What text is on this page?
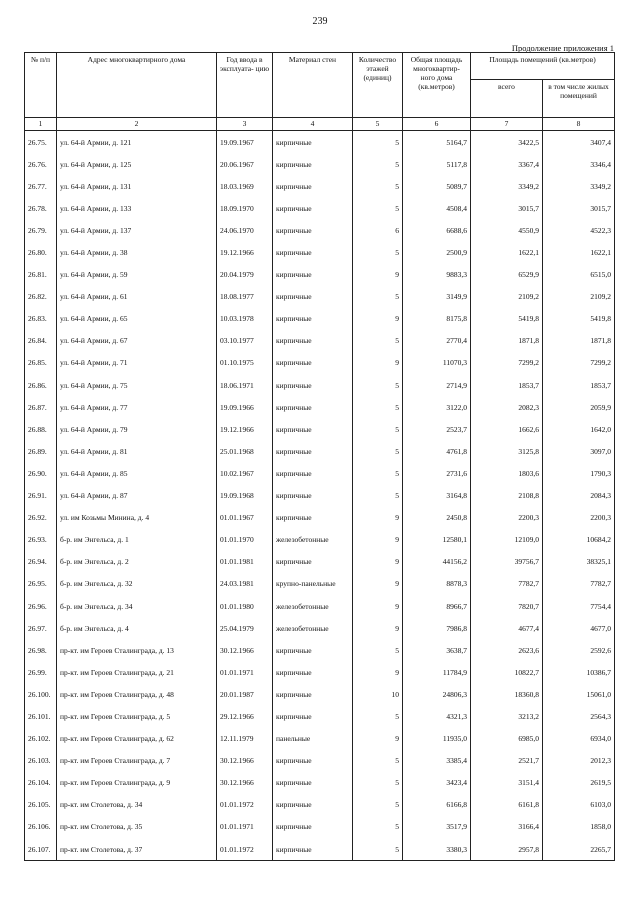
239
Продолжение приложения 1
№ п/п	Адрес многоквартирного дома	Год ввода в эксплуата- цию	Материал стен	Количество этажей (единиц)	Общая площадь многоквартир- ного дома (кв.метров)	Площадь помещений (кв.метров)	
						всего	в том числе жилых помещений
1	2	3	4	5	6	7	8
26.75.	ул. 64-й Армии, д. 121	19.09.1967	кирпичные	5	5164,7	3422,5	3407,4
26.76.	ул. 64-й Армии, д. 125	20.06.1967	кирпичные	5	5117,8	3367,4	3346,4
26.77.	ул. 64-й Армии, д. 131	18.03.1969	кирпичные	5	5089,7	3349,2	3349,2
26.78.	ул. 64-й Армии, д. 133	18.09.1970	кирпичные	5	4508,4	3015,7	3015,7
26.79.	ул. 64-й Армии, д. 137	24.06.1970	кирпичные	6	6688,6	4550,9	4522,3
26.80.	ул. 64-й Армии, д. 38	19.12.1966	кирпичные	5	2500,9	1622,1	1622,1
26.81.	ул. 64-й Армии, д. 59	20.04.1979	кирпичные	9	9883,3	6529,9	6515,0
26.82.	ул. 64-й Армии, д. 61	18.08.1977	кирпичные	5	3149,9	2109,2	2109,2
26.83.	ул. 64-й Армии, д. 65	10.03.1978	кирпичные	9	8175,8	5419,8	5419,8
26.84.	ул. 64-й Армии, д. 67	03.10.1977	кирпичные	5	2770,4	1871,8	1871,8
26.85.	ул. 64-й Армии, д. 71	01.10.1975	кирпичные	9	11070,3	7299,2	7299,2
26.86.	ул. 64-й Армии, д. 75	18.06.1971	кирпичные	5	2714,9	1853,7	1853,7
26.87.	ул. 64-й Армии, д. 77	19.09.1966	кирпичные	5	3122,0	2082,3	2059,9
26.88.	ул. 64-й Армии, д. 79	19.12.1966	кирпичные	5	2523,7	1662,6	1642,0
26.89.	ул. 64-й Армии, д. 81	25.01.1968	кирпичные	5	4761,8	3125,8	3097,0
26.90.	ул. 64-й Армии, д. 85	10.02.1967	кирпичные	5	2731,6	1803,6	1790,3
26.91.	ул. 64-й Армии, д. 87	19.09.1968	кирпичные	5	3164,8	2108,8	2084,3
26.92.	ул. им Козьмы Минина, д. 4	01.01.1967	кирпичные	9	2450,8	2200,3	2200,3
26.93.	б-р. им Энгельса, д. 1	01.01.1970	железобетонные	9	12580,1	12109,0	10684,2
26.94.	б-р. им Энгельса, д. 2	01.01.1981	кирпичные	9	44156,2	39756,7	38325,1
26.95.	б-р. им Энгельса, д. 32	24.03.1981	крупно-панельные	9	8878,3	7782,7	7782,7
26.96.	б-р. им Энгельса, д. 34	01.01.1980	железобетонные	9	8966,7	7820,7	7754,4
26.97.	б-р. им Энгельса, д. 4	25.04.1979	железобетонные	9	7986,8	4677,4	4677,0
26.98.	пр-кт. им Героев Сталинграда, д. 13	30.12.1966	кирпичные	5	3638,7	2623,6	2592,6
26.99.	пр-кт. им Героев Сталинграда, д. 21	01.01.1971	кирпичные	9	11784,9	10822,7	10386,7
26.100.	пр-кт. им Героев Сталинграда, д. 48	20.01.1987	кирпичные	10	24806,3	18360,8	15061,0
26.101.	пр-кт. им Героев Сталинграда, д. 5	29.12.1966	кирпичные	5	4321,3	3213,2	2564,3
26.102.	пр-кт. им Героев Сталинграда, д. 62	12.11.1979	панельные	9	11935,0	6985,0	6934,0
26.103.	пр-кт. им Героев Сталинграда, д. 7	30.12.1966	кирпичные	5	3385,4	2521,7	2012,3
26.104.	пр-кт. им Героев Сталинграда, д. 9	30.12.1966	кирпичные	5	3423,4	3151,4	2619,5
26.105.	пр-кт. им Столетова, д. 34	01.01.1972	кирпичные	5	6166,8	6161,8	6103,0
26.106.	пр-кт. им Столетова, д. 35	01.01.1971	кирпичные	5	3517,9	3166,4	1858,0
26.107.	пр-кт. им Столетова, д. 37	01.01.1972	кирпичные	5	3380,3	2957,8	2265,7
